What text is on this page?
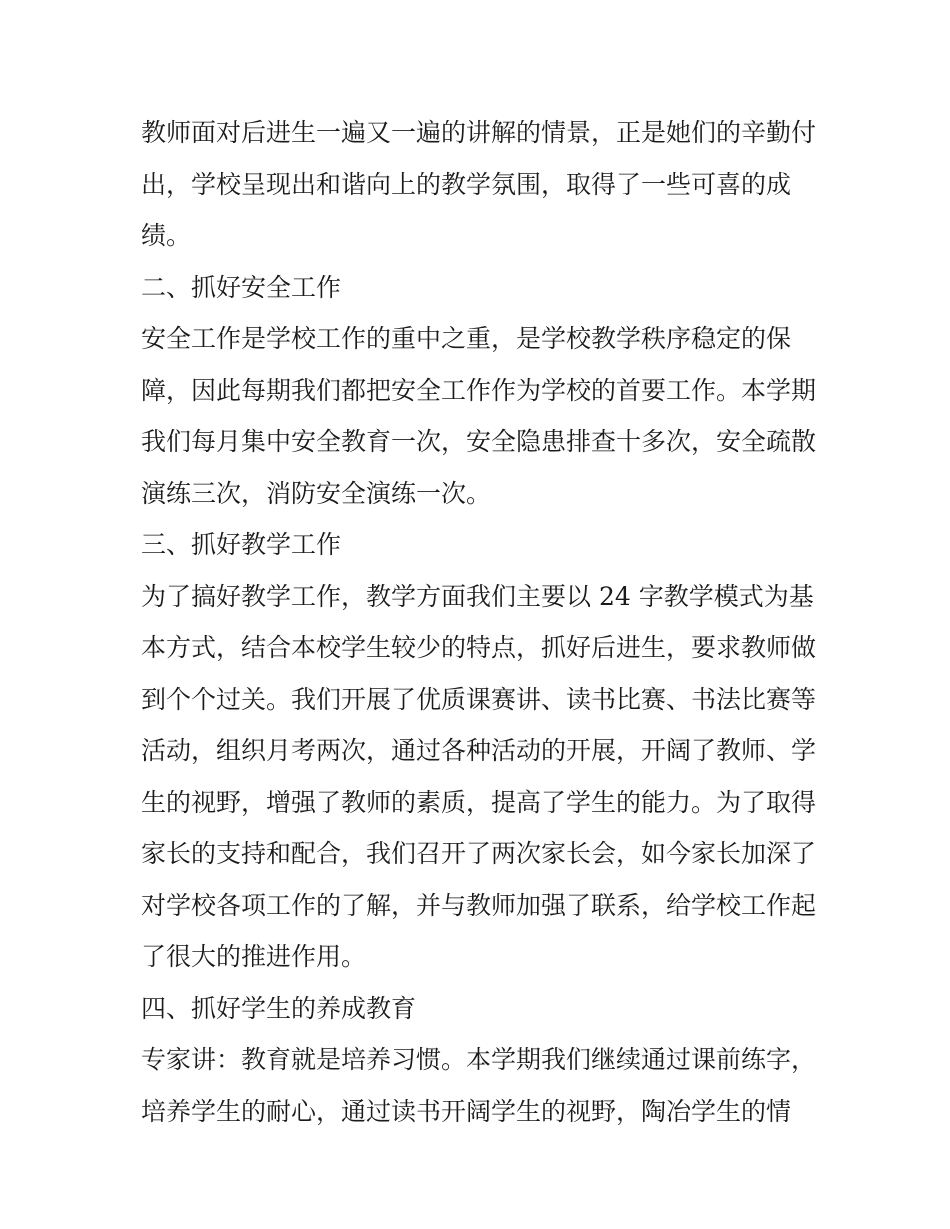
教师面对后进生一遍又一遍的讲解的情景，正是她们的辛勤付
出，学校呈现出和谐向上的教学氛围，取得了一些可喜的成
绩。
二、抓好安全工作
安全工作是学校工作的重中之重，是学校教学秩序稳定的保
障，因此每期我们都把安全工作作为学校的首要工作。本学期
我们每月集中安全教育一次，安全隐患排查十多次，安全疏散
演练三次，消防安全演练一次。
三、抓好教学工作
为了搞好教学工作，教学方面我们主要以 24 字教学模式为基
本方式，结合本校学生较少的特点，抓好后进生，要求教师做
到个个过关。我们开展了优质课赛讲、读书比赛、书法比赛等
活动，组织月考两次，通过各种活动的开展，开阔了教师、学
生的视野，增强了教师的素质，提高了学生的能力。为了取得
家长的支持和配合，我们召开了两次家长会，如今家长加深了
对学校各项工作的了解，并与教师加强了联系，给学校工作起
了很大的推进作用。
四、抓好学生的养成教育
专家讲：教育就是培养习惯。本学期我们继续通过课前练字，
培养学生的耐心，通过读书开阔学生的视野，陶冶学生的情
